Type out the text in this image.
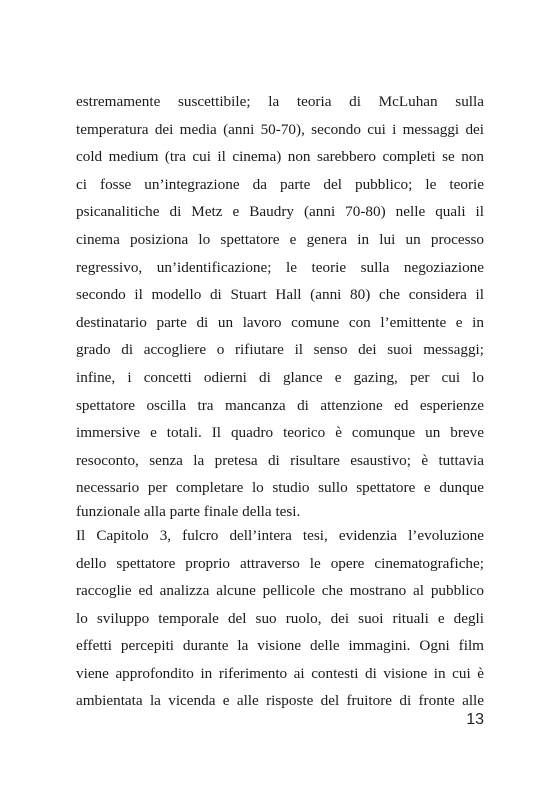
estremamente suscettibile; la teoria di McLuhan sulla
temperatura dei media (anni 50-70), secondo cui i messaggi dei
cold medium (tra cui il cinema) non sarebbero completi se non
ci fosse un’integrazione da parte del pubblico; le teorie
psicanalitiche di Metz e Baudry (anni 70-80) nelle quali il
cinema posiziona lo spettatore e genera in lui un processo
regressivo, un’identificazione; le teorie sulla negoziazione
secondo il modello di Stuart Hall (anni 80) che considera il
destinatario parte di un lavoro comune con l’emittente e in
grado di accogliere o rifiutare il senso dei suoi messaggi;
infine, i concetti odierni di glance e gazing, per cui lo
spettatore oscilla tra mancanza di attenzione ed esperienze
immersive e totali. Il quadro teorico è comunque un breve
resoconto, senza la pretesa di risultare esaustivo; è tuttavia
necessario per completare lo studio sullo spettatore e dunque
funzionale alla parte finale della tesi.
Il Capitolo 3, fulcro dell’intera tesi, evidenzia l’evoluzione
dello spettatore proprio attraverso le opere cinematografiche;
raccoglie ed analizza alcune pellicole che mostrano al pubblico
lo sviluppo temporale del suo ruolo, dei suoi rituali e degli
effetti percepiti durante la visione delle immagini. Ogni film
viene approfondito in riferimento ai contesti di visione in cui è
ambientata la vicenda e alle risposte del fruitore di fronte alle
13
